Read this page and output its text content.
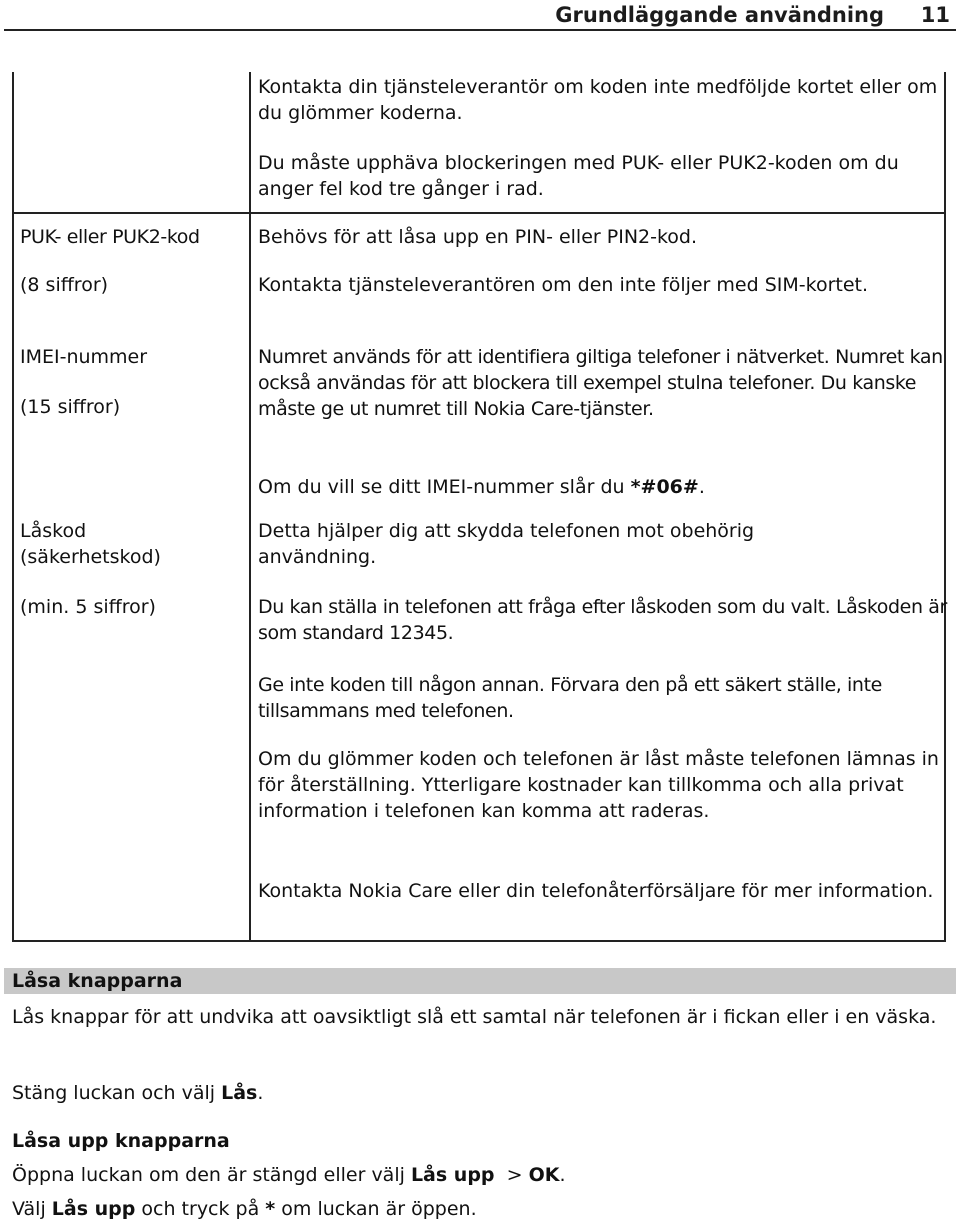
Grundläggande användning 11

Kontakta din tjänsteleverantör om koden inte medföljde kortet eller om du glömmer koderna.

Du måste upphäva blockeringen med PUK- eller PUK2-koden om du anger fel kod tre gånger i rad.

PUK- eller PUK2-kod

(8 siffror)

Behövs för att låsa upp en PIN- eller PIN2-kod.

Kontakta tjänsteleverantören om den inte följer med SIM-kortet.

IMEI-nummer

(15 siffror)

Numret används för att identifiera giltiga telefoner i nätverket. Numret kan också användas för att blockera till exempel stulna telefoner. Du kanske måste ge ut numret till Nokia Care-tjänster.

Om du vill se ditt IMEI-nummer slår du *#06#.

Låskod (säkerhetskod)

(min. 5 siffror)

Detta hjälper dig att skydda telefonen mot obehörig användning.

Du kan ställa in telefonen att fråga efter låskoden som du valt. Låskoden är som standard 12345.

Ge inte koden till någon annan. Förvara den på ett säkert ställe, inte tillsammans med telefonen.

Om du glömmer koden och telefonen är låst måste telefonen lämnas in för återställning. Ytterligare kostnader kan tillkomma och alla privat information i telefonen kan komma att raderas.

Kontakta Nokia Care eller din telefonåterförsäljare för mer information.

Låsa knapparna

Lås knappar för att undvika att oavsiktligt slå ett samtal när telefonen är i fickan eller i en väska.

Stäng luckan och välj Lås.

Låsa upp knapparna

Öppna luckan om den är stängd eller välj Lås upp  > OK.

Välj Lås upp och tryck på * om luckan är öppen.
